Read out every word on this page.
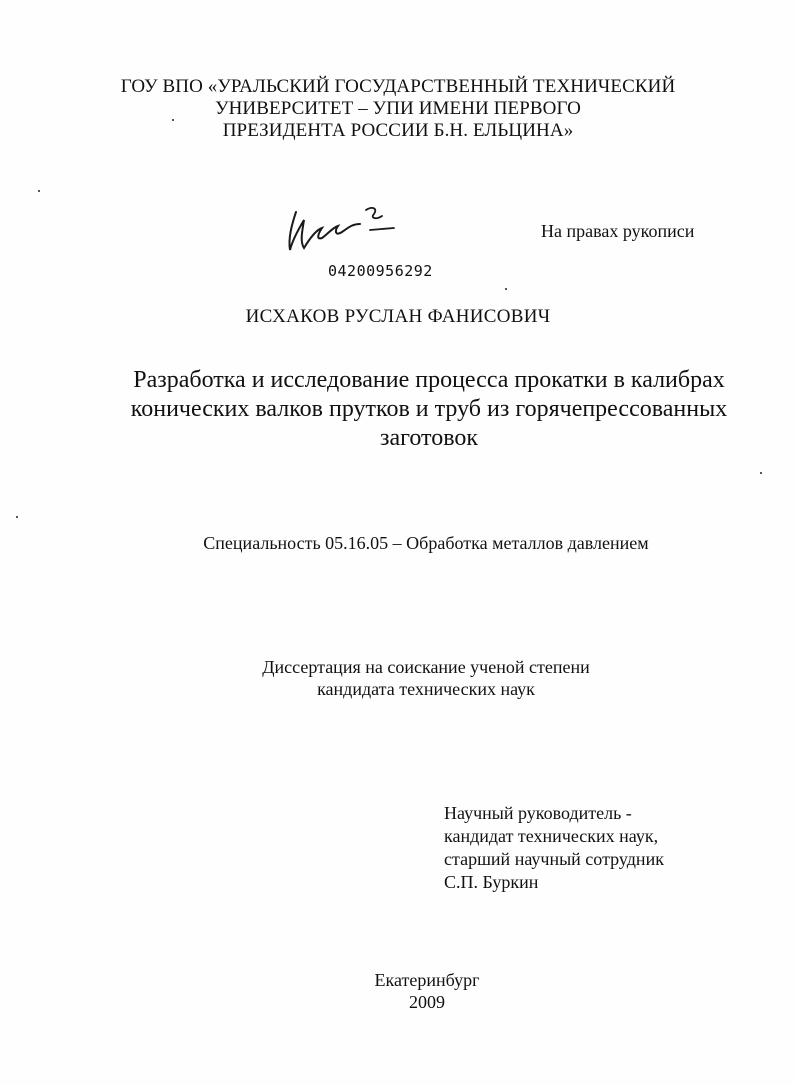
ГОУ ВПО «УРАЛЬСКИЙ ГОСУДАРСТВЕННЫЙ ТЕХНИЧЕСКИЙ
УНИВЕРСИТЕТ – УПИ ИМЕНИ ПЕРВОГО
ПРЕЗИДЕНТА РОССИИ Б.Н. ЕЛЬЦИНА»
04200956292
На правах рукописи
ИСХАКОВ РУСЛАН ФАНИСОВИЧ
Разработка и исследование процесса прокатки в калибрах
конических валков прутков и труб из горячепрессованных
заготовок
Специальность 05.16.05 – Обработка металлов давлением
Диссертация на соискание ученой степени
кандидата технических наук
Научный руководитель -
кандидат технических наук,
старший научный сотрудник
С.П. Буркин
Екатеринбург
2009
